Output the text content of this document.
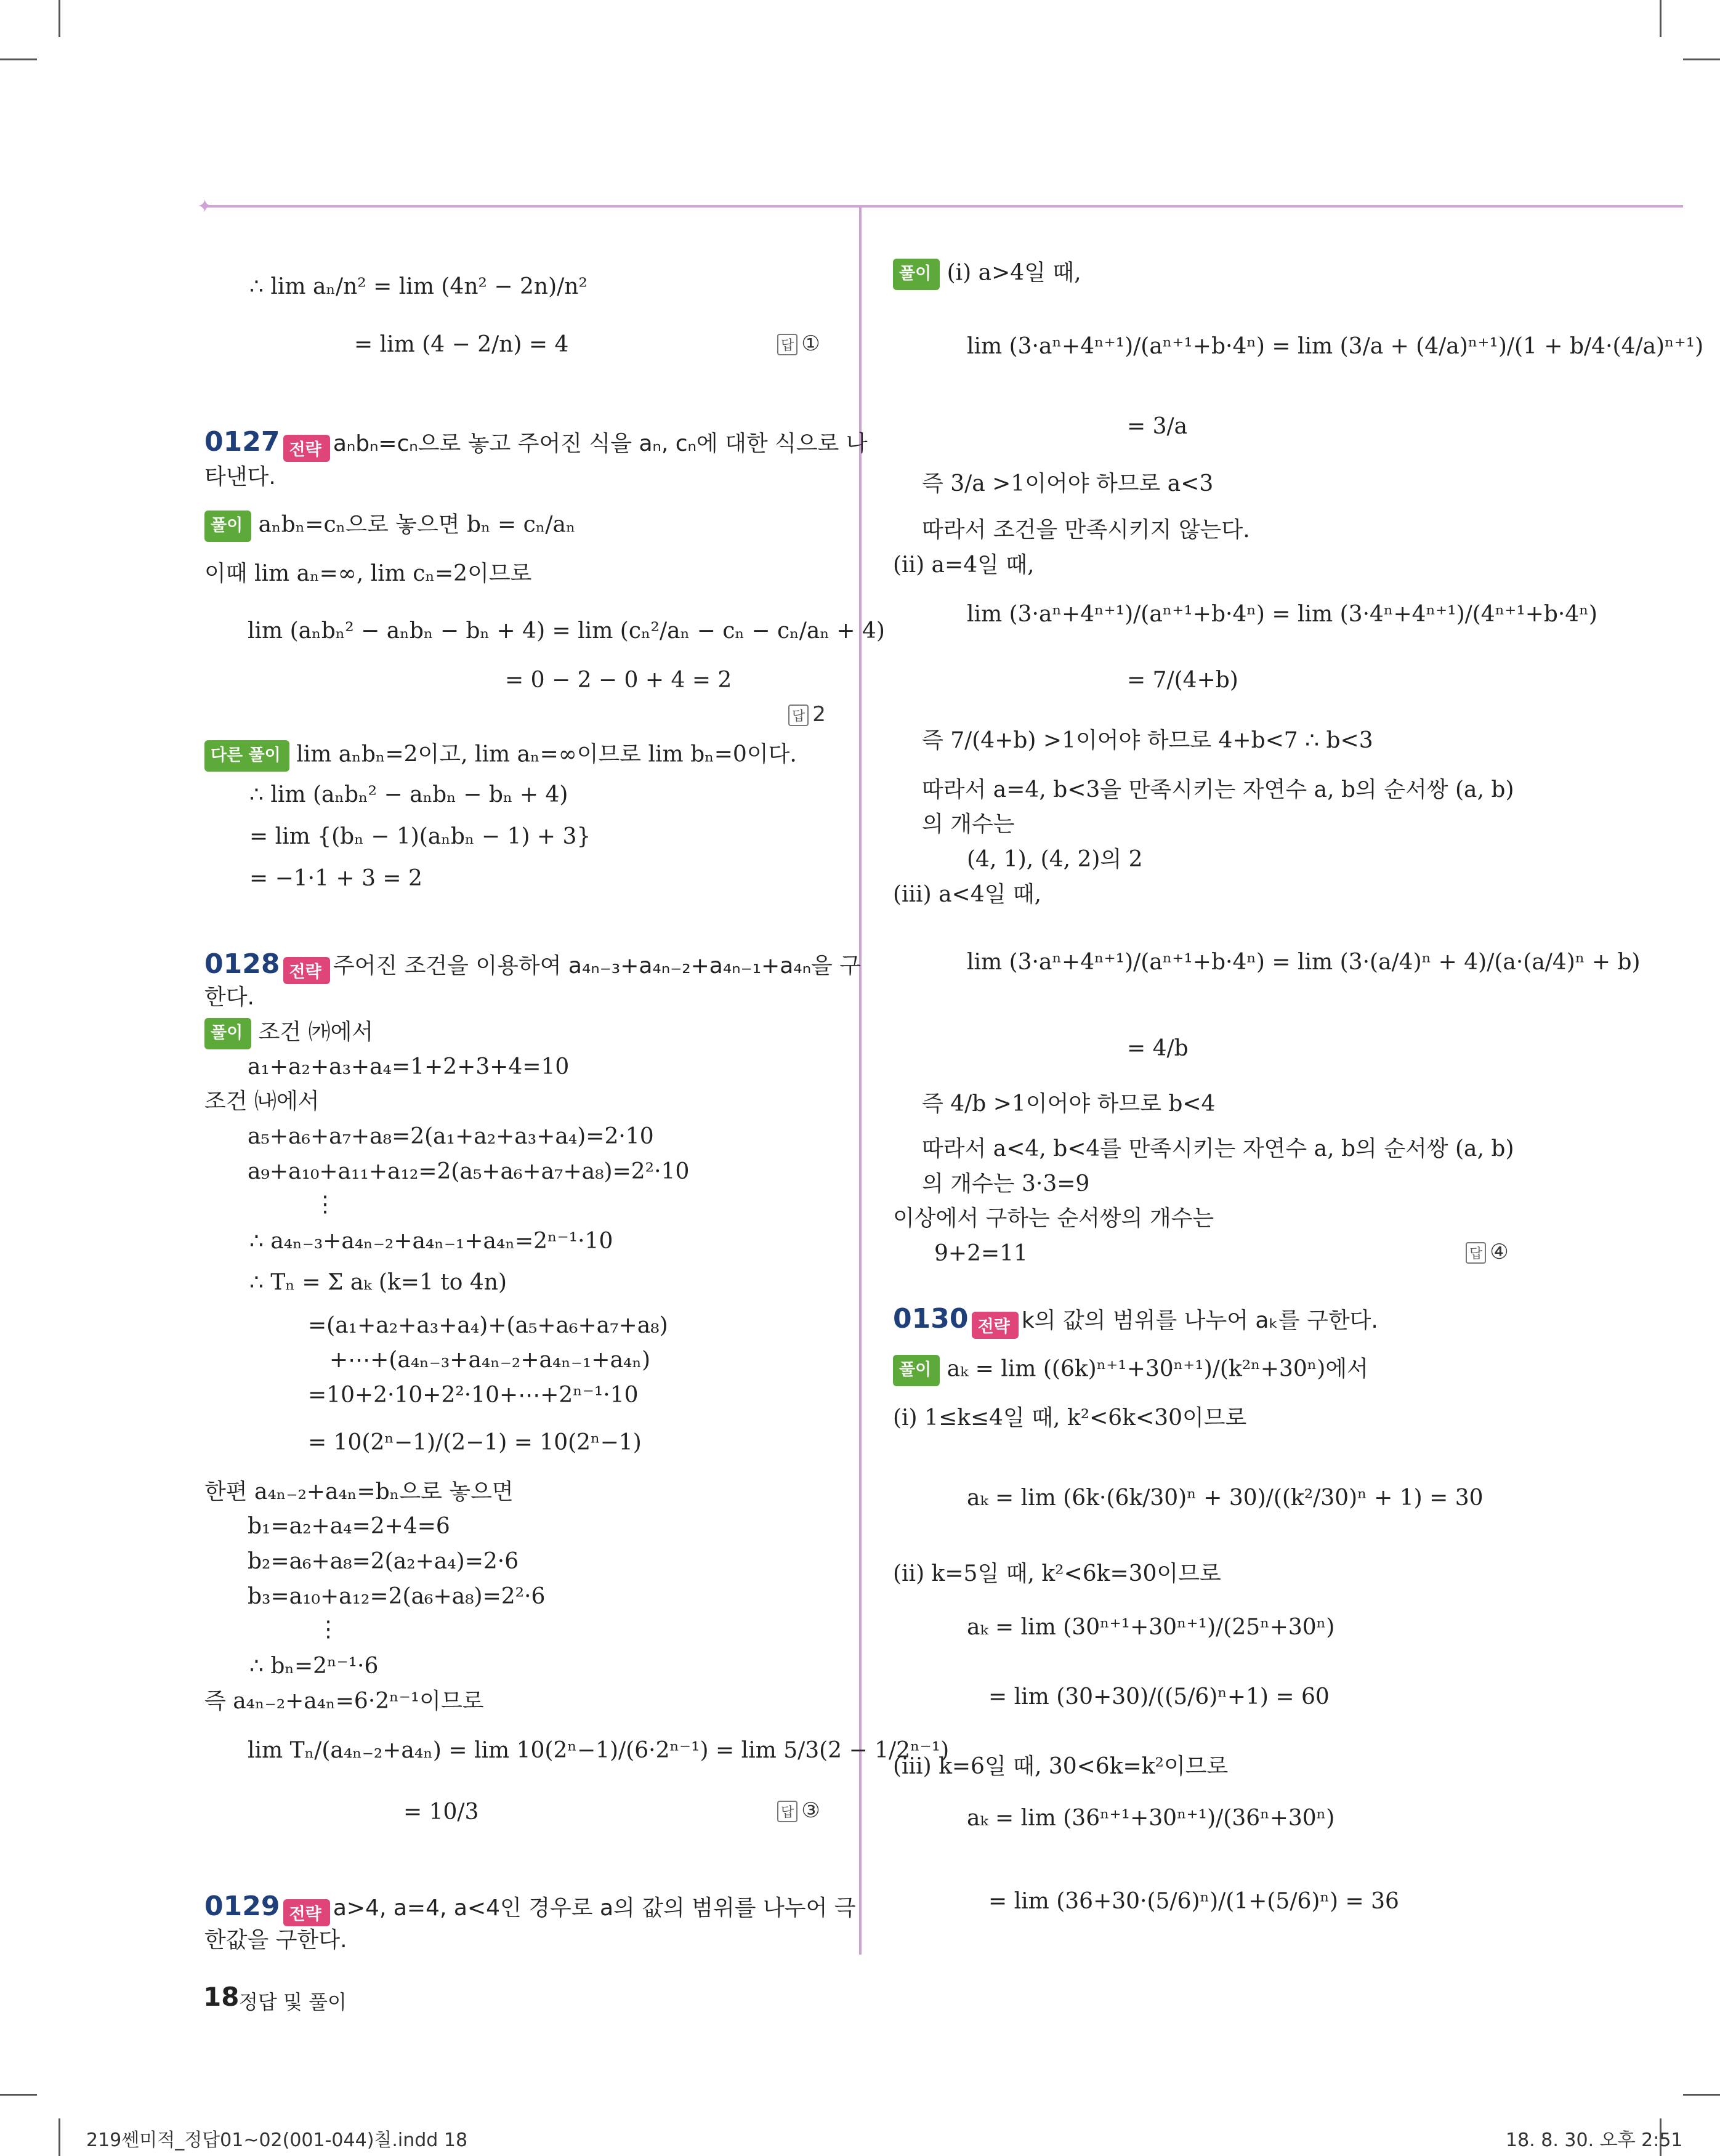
✦
∴ lim aₙ/n² = lim (4n² − 2n)/n²
= lim (4 − 2/n) = 4	답 ①
0127 전략 aₙbₙ=cₙ으로 놓고 주어진 식을 aₙ, cₙ에 대한 식으로 나
타낸다.
풀이 aₙbₙ=cₙ으로 놓으면 bₙ = cₙ/aₙ
이때 lim aₙ=∞, lim cₙ=2이므로
lim (aₙbₙ² − aₙbₙ − bₙ + 4) = lim (cₙ²/aₙ − cₙ − cₙ/aₙ + 4)
= 0 − 2 − 0 + 4 = 2
답 2
다른 풀이 lim aₙbₙ=2이고, lim aₙ=∞이므로 lim bₙ=0이다.
∴ lim (aₙbₙ² − aₙbₙ − bₙ + 4)
= lim {(bₙ − 1)(aₙbₙ − 1) + 3}
= −1·1 + 3 = 2
0128 전략 주어진 조건을 이용하여 a₄ₙ₋₃+a₄ₙ₋₂+a₄ₙ₋₁+a₄ₙ을 구
한다.
풀이 조건 ㈎에서
a₁+a₂+a₃+a₄=1+2+3+4=10
조건 ㈏에서
a₅+a₆+a₇+a₈=2(a₁+a₂+a₃+a₄)=2·10
a₉+a₁₀+a₁₁+a₁₂=2(a₅+a₆+a₇+a₈)=2²·10
⋮
∴ a₄ₙ₋₃+a₄ₙ₋₂+a₄ₙ₋₁+a₄ₙ=2ⁿ⁻¹·10
∴ Tₙ = Σ aₖ (k=1 to 4n)
=(a₁+a₂+a₃+a₄)+(a₅+a₆+a₇+a₈)
+⋯+(a₄ₙ₋₃+a₄ₙ₋₂+a₄ₙ₋₁+a₄ₙ)
=10+2·10+2²·10+⋯+2ⁿ⁻¹·10
= 10(2ⁿ−1)/(2−1) = 10(2ⁿ−1)
한편 a₄ₙ₋₂+a₄ₙ=bₙ으로 놓으면
b₁=a₂+a₄=2+4=6
b₂=a₆+a₈=2(a₂+a₄)=2·6
b₃=a₁₀+a₁₂=2(a₆+a₈)=2²·6
⋮
∴ bₙ=2ⁿ⁻¹·6
즉 a₄ₙ₋₂+a₄ₙ=6·2ⁿ⁻¹이므로
lim Tₙ/(a₄ₙ₋₂+a₄ₙ) = lim 10(2ⁿ−1)/(6·2ⁿ⁻¹) = lim 5/3(2 − 1/2ⁿ⁻¹)
= 10/3	답 ③
0129 전략 a>4, a=4, a<4인 경우로 a의 값의 범위를 나누어 극
한값을 구한다.
풀이 (ⅰ) a>4일 때,
lim (3·aⁿ+4ⁿ⁺¹)/(aⁿ⁺¹+b·4ⁿ) = lim (3/a + (4/a)ⁿ⁺¹)/(1 + b/4·(4/a)ⁿ⁺¹)
= 3/a
즉 3/a >1이어야 하므로 a<3
따라서 조건을 만족시키지 않는다.
(ⅱ) a=4일 때,
lim (3·aⁿ+4ⁿ⁺¹)/(aⁿ⁺¹+b·4ⁿ) = lim (3·4ⁿ+4ⁿ⁺¹)/(4ⁿ⁺¹+b·4ⁿ)
= 7/(4+b)
즉 7/(4+b) >1이어야 하므로 4+b<7 ∴ b<3
따라서 a=4, b<3을 만족시키는 자연수 a, b의 순서쌍 (a, b)
의 개수는
(4, 1), (4, 2)의 2
(ⅲ) a<4일 때,
lim (3·aⁿ+4ⁿ⁺¹)/(aⁿ⁺¹+b·4ⁿ) = lim (3·(a/4)ⁿ + 4)/(a·(a/4)ⁿ + b)
= 4/b
즉 4/b >1이어야 하므로 b<4
따라서 a<4, b<4를 만족시키는 자연수 a, b의 순서쌍 (a, b)
의 개수는 3·3=9
이상에서 구하는 순서쌍의 개수는
9+2=11	답 ④
0130 전략 k의 값의 범위를 나누어 aₖ를 구한다.
풀이 aₖ = lim ((6k)ⁿ⁺¹+30ⁿ⁺¹)/(k²ⁿ+30ⁿ)에서
(ⅰ) 1≤k≤4일 때, k²<6k<30이므로
aₖ = lim (6k·(6k/30)ⁿ + 30)/((k²/30)ⁿ + 1) = 30
(ⅱ) k=5일 때, k²<6k=30이므로
aₖ = lim (30ⁿ⁺¹+30ⁿ⁺¹)/(25ⁿ+30ⁿ)
= lim (30+30)/((5/6)ⁿ+1) = 60
(ⅲ) k=6일 때, 30<6k=k²이므로
aₖ = lim (36ⁿ⁺¹+30ⁿ⁺¹)/(36ⁿ+30ⁿ)
= lim (36+30·(5/6)ⁿ)/(1+(5/6)ⁿ) = 36
18 정답 및 풀이
219쎈미적_정답01~02(001-044)칠.indd 18	18. 8. 30. 오후 2:51
